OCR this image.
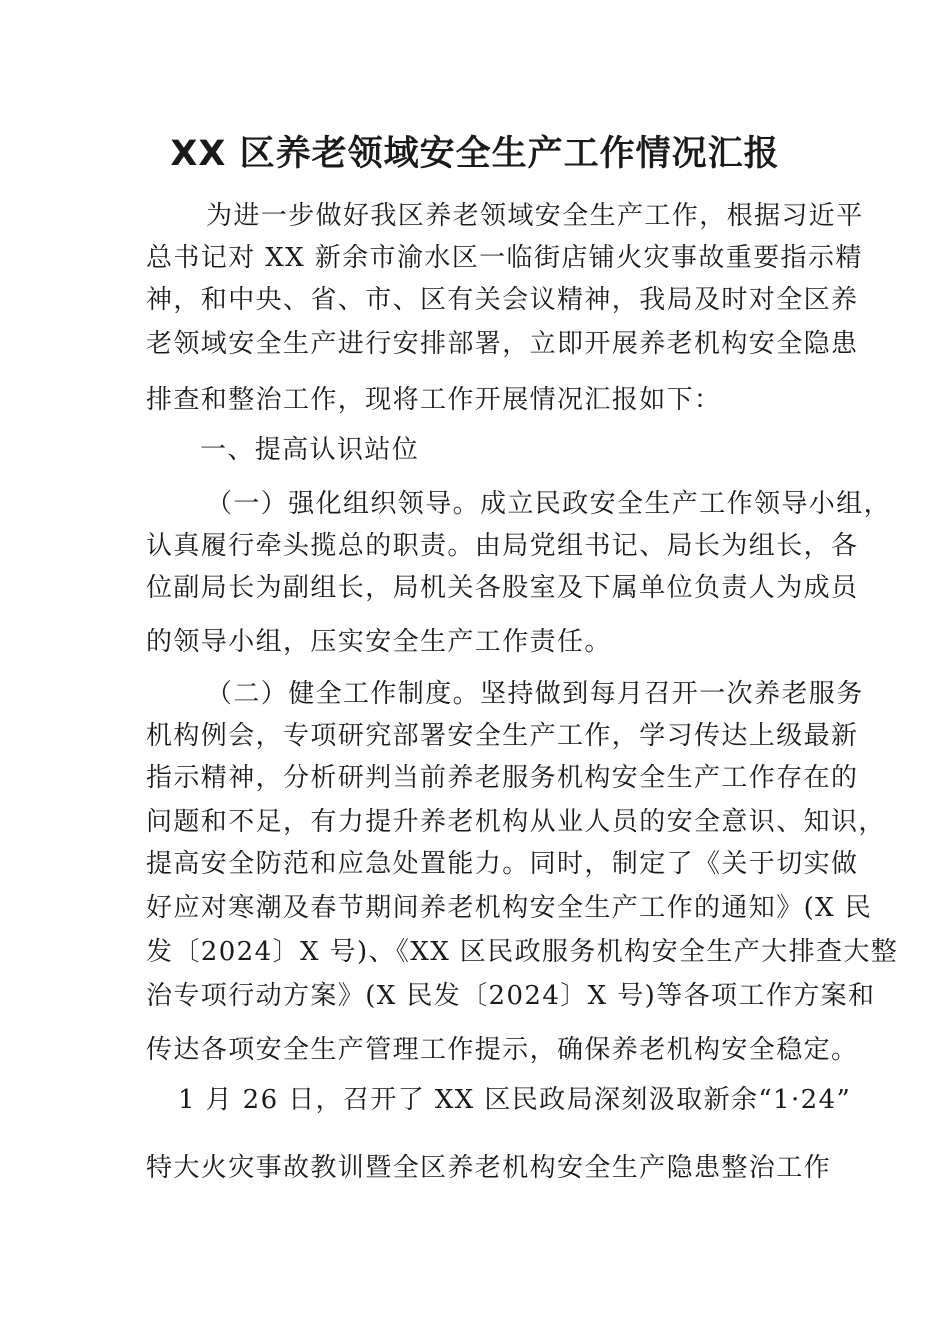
XX 区养老领域安全生产工作情况汇报
为进一步做好我区养老领域安全生产工作，根据习近平
总书记对 XX 新余市渝水区一临街店铺火灾事故重要指示精
神，和中央、省、市、区有关会议精神，我局及时对全区养
老领域安全生产进行安排部署，立即开展养老机构安全隐患
排查和整治工作，现将工作开展情况汇报如下：
一、提高认识站位
（一）强化组织领导。成立民政安全生产工作领导小组，
认真履行牵头揽总的职责。由局党组书记、局长为组长，各
位副局长为副组长，局机关各股室及下属单位负责人为成员
的领导小组，压实安全生产工作责任。
（二）健全工作制度。坚持做到每月召开一次养老服务
机构例会，专项研究部署安全生产工作，学习传达上级最新
指示精神，分析研判当前养老服务机构安全生产工作存在的
问题和不足，有力提升养老机构从业人员的安全意识、知识，
提高安全防范和应急处置能力。同时，制定了《关于切实做
好应对寒潮及春节期间养老机构安全生产工作的通知》(X 民
发〔2024〕X 号)、《XX 区民政服务机构安全生产大排查大整
治专项行动方案》(X 民发〔2024〕X 号)等各项工作方案和
传达各项安全生产管理工作提示，确保养老机构安全稳定。
1 月 26 日，召开了 XX 区民政局深刻汲取新余“1·24”
特大火灾事故教训暨全区养老机构安全生产隐患整治工作
